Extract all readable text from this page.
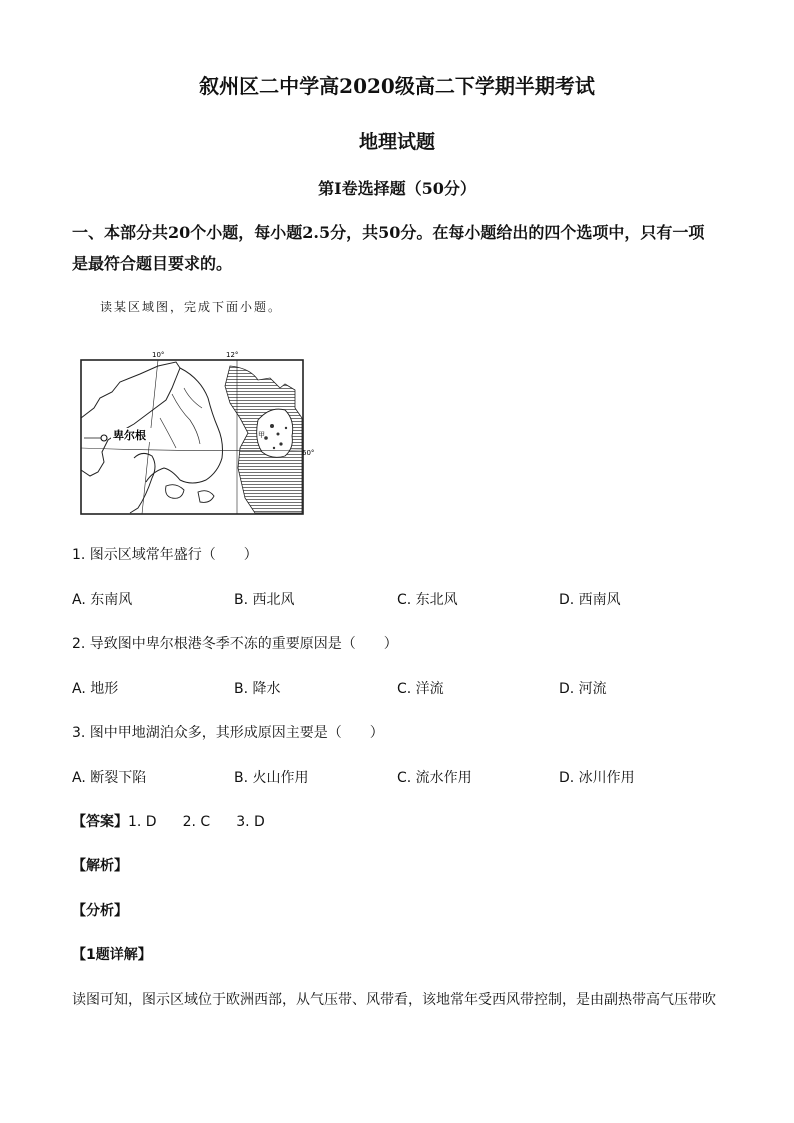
叙州区二中学高2020级高二下学期半期考试
地理试题
第Ⅰ卷选择题（50分）
一、本部分共20个小题，每小题2.5分，共50分。在每小题给出的四个选项中，只有一项
是最符合题目要求的。
读某区域图，完成下面小题。
甲
10°	12°
60°
卑尔根
1. 图示区域常年盛行（　　）
A. 东南风	B. 西北风	C. 东北风	D. 西南风
2. 导致图中卑尔根港冬季不冻的重要原因是（　　）
A. 地形	B. 降水	C. 洋流	D. 河流
3. 图中甲地湖泊众多，其形成原因主要是（　　）
A. 断裂下陷	B. 火山作用	C. 流水作用	D. 冰川作用
【答案】1. D 2. C 3. D
【解析】
【分析】
【1题详解】
读图可知，图示区域位于欧洲西部，从气压带、风带看，该地常年受西风带控制，是由副热带高气压带吹
